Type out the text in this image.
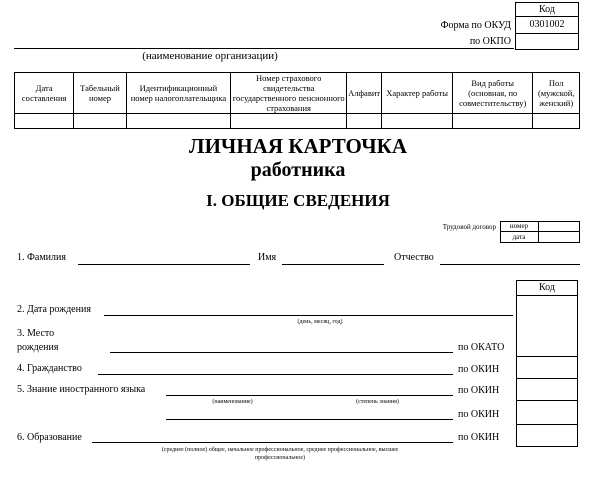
Код
0301002
Форма по ОКУД
по ОКПО
(наименование организации)
Дата составления	Табельный номер	Идентификационный номер налогоплательщика	Номер страхового свидетельства государственного пенсионного страхования	Алфавит	Характер работы	Вид работы (основная, по совместительству)	Пол (мужской, женский)

ЛИЧНАЯ КАРТОЧКА
работника
I. ОБЩИЕ СВЕДЕНИЯ
Трудовой договор	номер
дата
1. Фамилия	Имя	Отчество
Код
2. Дата рождения
(день, месяц, год)
3. Место
рождения	по ОКАТО
4. Гражданство	по ОКИН
5. Знание иностранного языка	по ОКИН
(наименование)	(степень знания)
по ОКИН
6. Образование	по ОКИН
(среднее (полное) общее, начальное профессиональное, среднее профессиональное, высшее
профессиональное)
